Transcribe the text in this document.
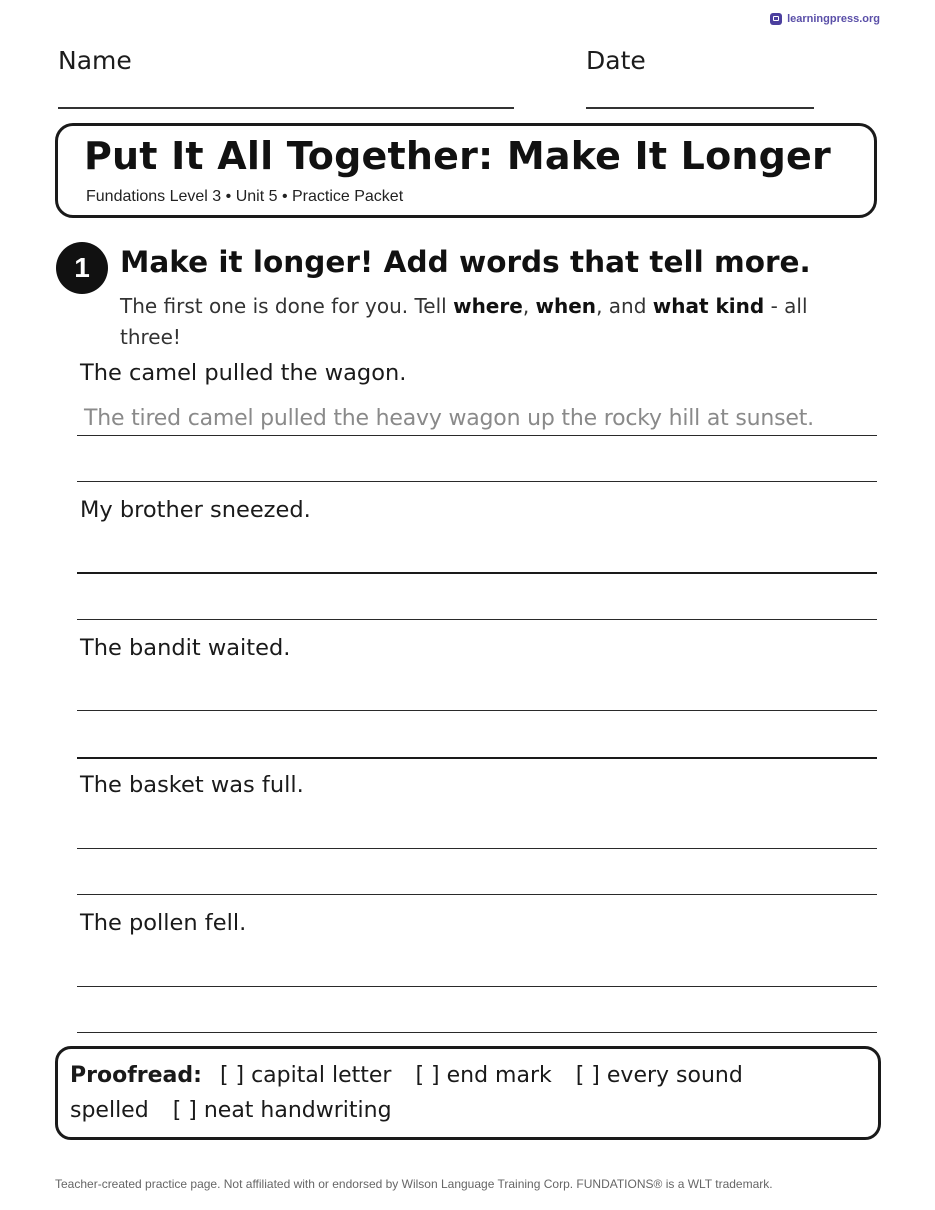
learningpress.org
Name	Date
Put It All Together: Make It Longer
Fundations Level 3 • Unit 5 • Practice Packet
1	Make it longer! Add words that tell more.
The first one is done for you. Tell where, when, and what kind - all three!
The camel pulled the wagon.
The tired camel pulled the heavy wagon up the rocky hill at sunset.
My brother sneezed.
The bandit waited.
The basket was full.
The pollen fell.
Proofread: [ ] capital letter [ ] end mark [ ] every sound spelled [ ] neat handwriting
Teacher-created practice page. Not affiliated with or endorsed by Wilson Language Training Corp. FUNDATIONS® is a WLT trademark.
